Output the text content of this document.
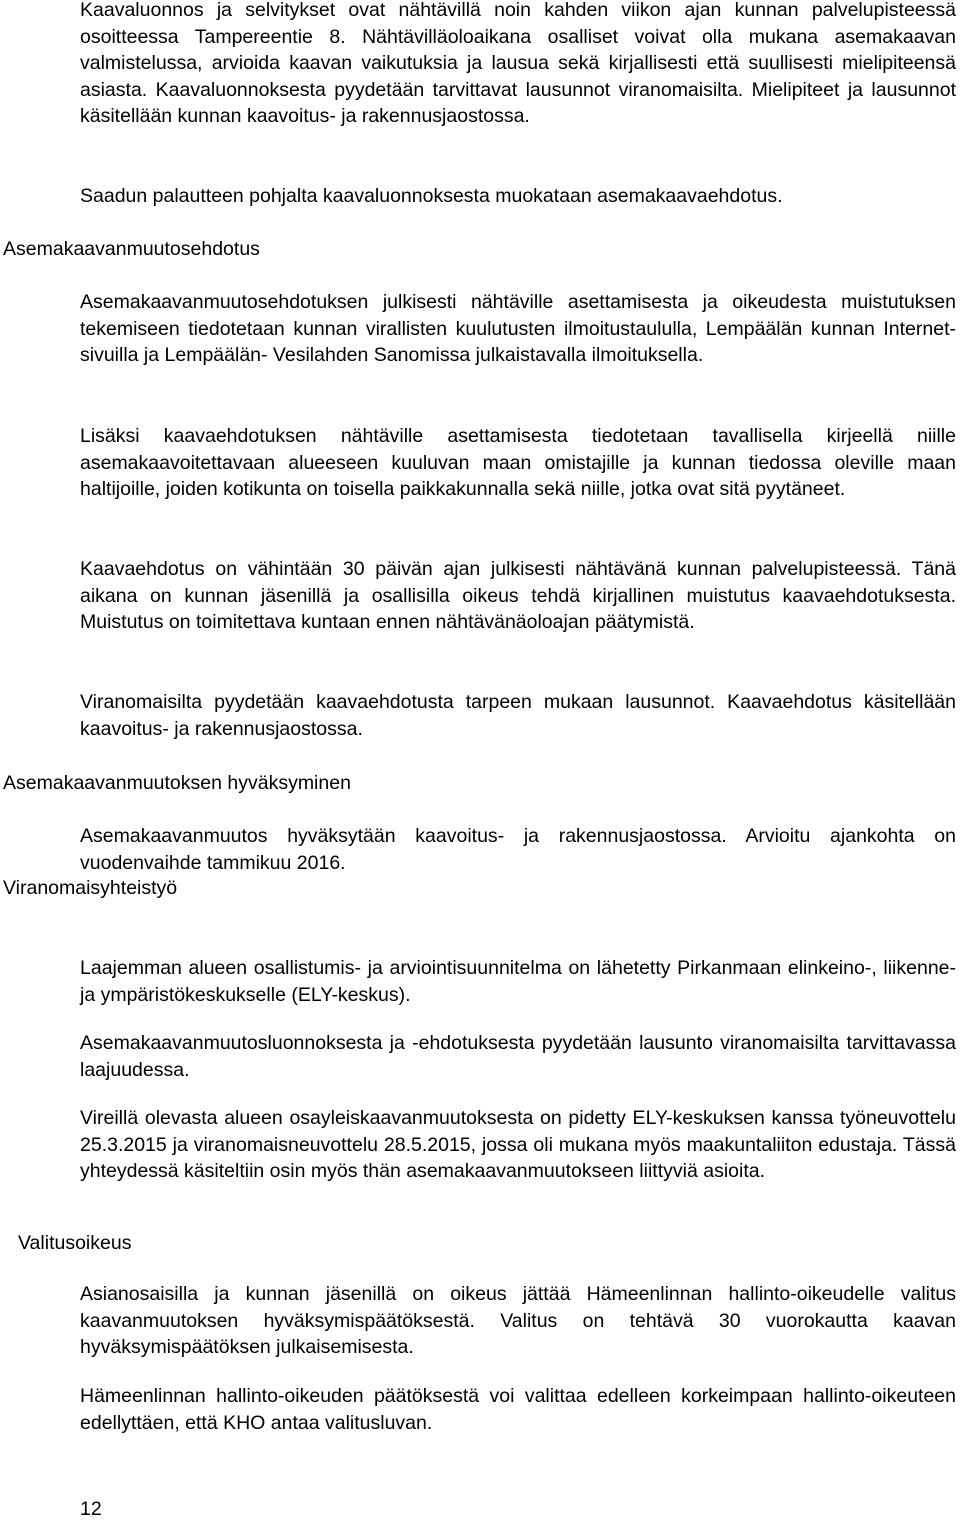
Kaavaluonnos ja selvitykset ovat nähtävillä noin kahden viikon ajan kunnan palvelupisteessä osoitteessa Tampereentie 8. Nähtävilläoloaikana osalliset voivat olla mukana asemakaavan valmistelussa, arvioida kaavan vaikutuksia ja lausua sekä kirjallisesti että suullisesti mielipiteensä asiasta. Kaavaluonnoksesta pyydetään tarvittavat lausunnot viranomaisilta. Mielipiteet ja lausunnot käsitellään kunnan kaavoitus- ja rakennusjaostossa.

Saadun palautteen pohjalta kaavaluonnoksesta muokataan asemakaavaehdotus.

Asemakaavanmuutosehdotus

Asemakaavanmuutosehdotuksen julkisesti nähtäville asettamisesta ja oikeudesta muistutuksen tekemiseen tiedotetaan kunnan virallisten kuulutusten ilmoitustaululla, Lempäälän kunnan Internet-sivuilla ja Lempäälän- Vesilahden Sanomissa julkaistavalla ilmoituksella.

Lisäksi kaavaehdotuksen nähtäville asettamisesta tiedotetaan tavallisella kirjeellä niille asemakaavoitettavaan alueeseen kuuluvan maan omistajille ja kunnan tiedossa oleville maan haltijoille, joiden kotikunta on toisella paikkakunnalla sekä niille, jotka ovat sitä pyytäneet.

Kaavaehdotus on vähintään 30 päivän ajan julkisesti nähtävänä kunnan palvelupisteessä. Tänä aikana on kunnan jäsenillä ja osallisilla oikeus tehdä kirjallinen muistutus kaavaehdotuksesta. Muistutus on toimitettava kuntaan ennen nähtävänäoloajan päätymistä.

Viranomaisilta pyydetään kaavaehdotusta tarpeen mukaan lausunnot. Kaavaehdotus käsitellään kaavoitus- ja rakennusjaostossa.

Asemakaavanmuutoksen hyväksyminen

Asemakaavanmuutos hyväksytään kaavoitus- ja rakennusjaostossa. Arvioitu ajankohta on vuodenvaihde tammikuu 2016.

Viranomaisyhteistyö

Laajemman alueen osallistumis- ja arviointisuunnitelma on lähetetty Pirkanmaan elinkeino-, liikenne- ja ympäristökeskukselle (ELY-keskus).

Asemakaavanmuutosluonnoksesta ja -ehdotuksesta pyydetään lausunto viranomaisilta tarvittavassa laajuudessa.

Vireillä olevasta alueen osayleiskaavanmuutoksesta on pidetty ELY-keskuksen kanssa työneuvottelu 25.3.2015 ja viranomaisneuvottelu 28.5.2015, jossa oli mukana myös maakuntaliiton edustaja. Tässä yhteydessä käsiteltiin osin myös thän asemakaavanmuutokseen liittyviä asioita.

Valitusoikeus

Asianosaisilla ja kunnan jäsenillä on oikeus jättää Hämeenlinnan hallinto-oikeudelle valitus kaavanmuutoksen hyväksymispäätöksestä. Valitus on tehtävä 30 vuorokautta kaavan hyväksymispäätöksen julkaisemisesta.

Hämeenlinnan hallinto-oikeuden päätöksestä voi valittaa edelleen korkeimpaan hallinto-oikeuteen edellyttäen, että KHO antaa valitusluvan.

12
